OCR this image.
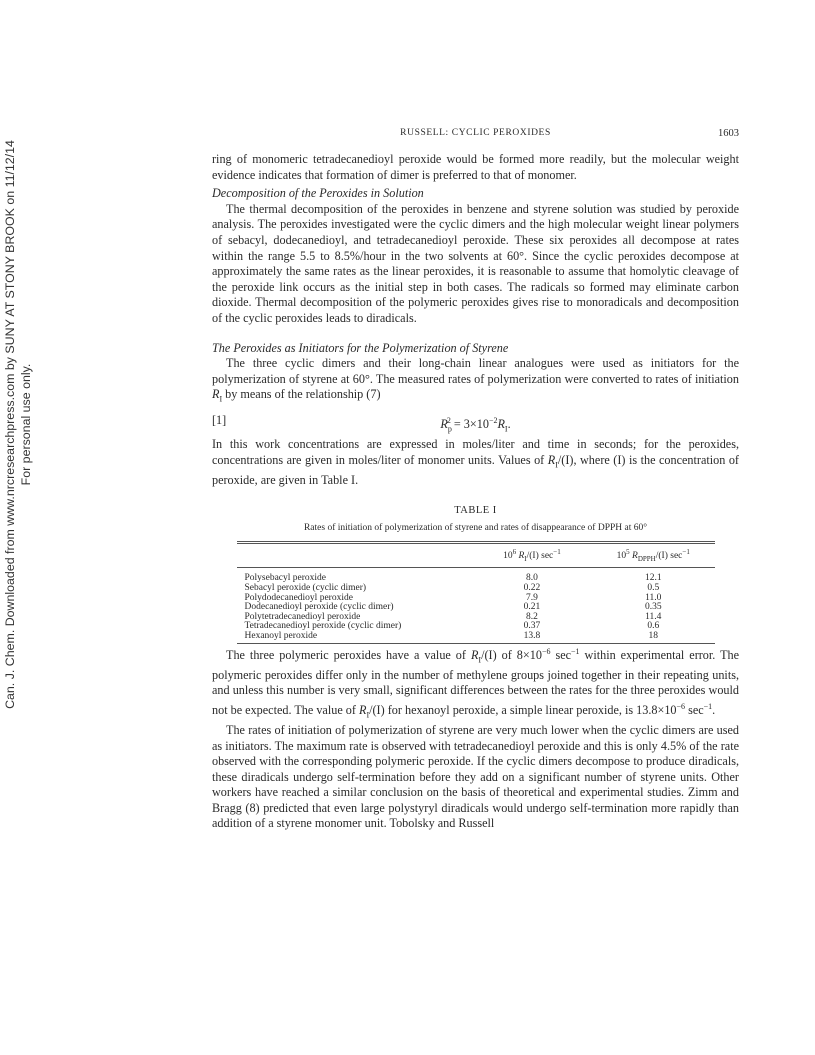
Can. J. Chem. Downloaded from www.nrcresearchpress.com by SUNY AT STONY BROOK on 11/12/14 For personal use only.
RUSSELL: CYCLIC PEROXIDES	1603

ring of monomeric tetradecanedioyl peroxide would be formed more readily, but the molecular weight evidence indicates that formation of dimer is preferred to that of monomer.

Decomposition of the Peroxides in Solution

The thermal decomposition of the peroxides in benzene and styrene solution was studied by peroxide analysis. The peroxides investigated were the cyclic dimers and the high molecular weight linear polymers of sebacyl, dodecanedioyl, and tetradecanedioyl peroxide. These six peroxides all decompose at rates within the range 5.5 to 8.5%/hour in the two solvents at 60°. Since the cyclic peroxides decompose at approximately the same rates as the linear peroxides, it is reasonable to assume that homolytic cleavage of the peroxide link occurs as the initial step in both cases. The radicals so formed may eliminate carbon dioxide. Thermal decomposition of the polymeric peroxides gives rise to monoradicals and decomposition of the cyclic peroxides leads to diradicals.

The Peroxides as Initiators for the Polymerization of Styrene

The three cyclic dimers and their long-chain linear analogues were used as initiators for the polymerization of styrene at 60°. The measured rates of polymerization were converted to rates of initiation $R_I$ by means of the relationship (7)

[1]	$R_p^2 = 3\times 10^{-2}R_I$.

In this work concentrations are expressed in moles/liter and time in seconds; for the peroxides, concentrations are given in moles/liter of monomer units. Values of $R_I/(I)$, where (I) is the concentration of peroxide, are given in Table I.

TABLE I
Rates of initiation of polymerization of styrene and rates of disappearance of DPPH at 60°
	$10^6$ $R_I/(I)$ $\sec^{-1}$	$10^5$ $R_{DPPH}/(I)$ $\sec^{-1}$
Polysebacyl peroxide	8.0	12.1
Sebacyl peroxide (cyclic dimer)	0.22	0.5
Polydodecanedioyl peroxide	7.9	11.0
Dodecanedioyl peroxide (cyclic dimer)	0.21	0.35
Polytetradecanedioyl peroxide	8.2	11.4
Tetradecanedioyl peroxide (cyclic dimer)	0.37	0.6
Hexanoyl peroxide	13.8	18

The three polymeric peroxides have a value of $R_I/(I)$ of $8\times 10^{-6}$ $\sec^{-1}$ within experimental error. The polymeric peroxides differ only in the number of methylene groups joined together in their repeating units, and unless this number is very small, significant differences between the rates for the three peroxides would not be expected. The value of $R_I/(I)$ for hexanoyl peroxide, a simple linear peroxide, is $13.8\times 10^{-6}$ $\sec^{-1}$.

The rates of initiation of polymerization of styrene are very much lower when the cyclic dimers are used as initiators. The maximum rate is observed with tetradecanedioyl peroxide and this is only 4.5% of the rate observed with the corresponding polymeric peroxide. If the cyclic dimers decompose to produce diradicals, these diradicals undergo self-termination before they add on a significant number of styrene units. Other workers have reached a similar conclusion on the basis of theoretical and experimental studies. Zimm and Bragg (8) predicted that even large polystyryl diradicals would undergo self-termination more rapidly than addition of a styrene monomer unit. Tobolsky and Russell
